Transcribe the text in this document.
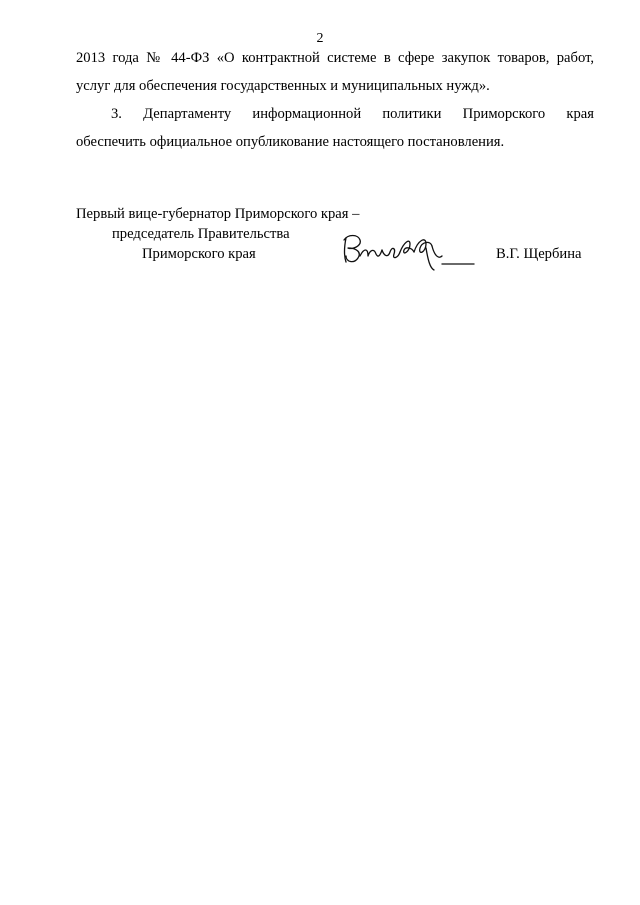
2

2013 года № 44-ФЗ «О контрактной системе в сфере закупок товаров, работ,
услуг для обеспечения государственных и муниципальных нужд».

3. Департаменту информационной политики Приморского края
обеспечить официальное опубликование настоящего постановления.

Первый вице-губернатор Приморского края –
председатель Правительства
Приморского края	В.Г. Щербина
